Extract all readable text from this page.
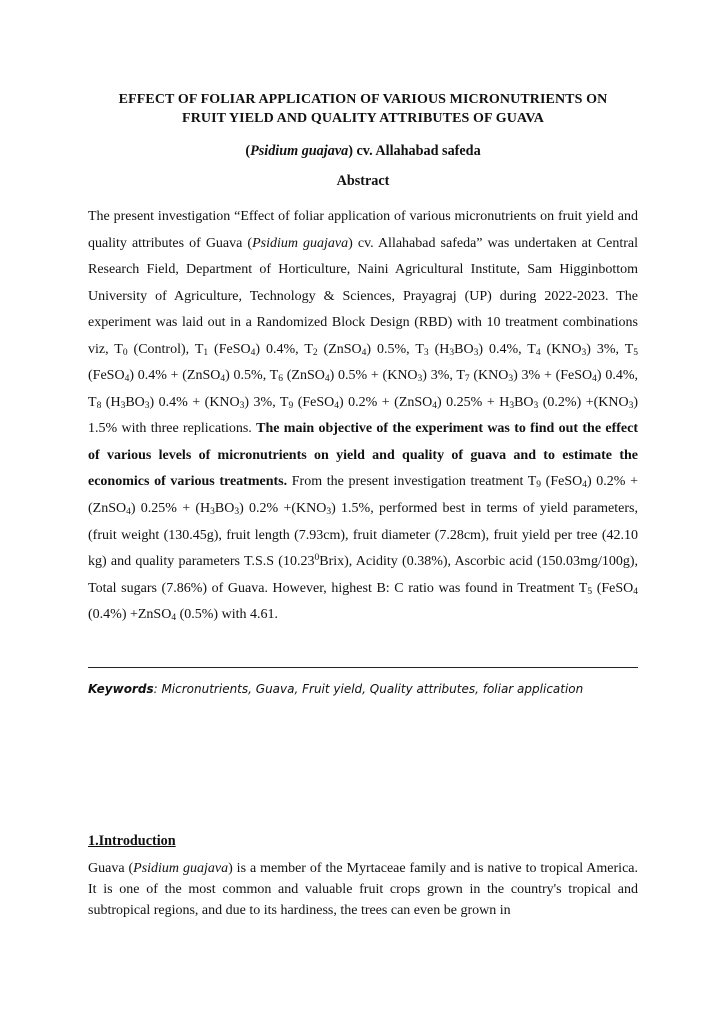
EFFECT OF FOLIAR APPLICATION OF VARIOUS MICRONUTRIENTS ON
FRUIT YIELD AND QUALITY ATTRIBUTES OF GUAVA
(Psidium guajava) cv. Allahabad safeda
Abstract
The present investigation “Effect of foliar application of various micronutrients on fruit yield and quality attributes of Guava (Psidium guajava) cv. Allahabad safeda” was undertaken at Central Research Field, Department of Horticulture, Naini Agricultural Institute, Sam Higginbottom University of Agriculture, Technology & Sciences, Prayagraj (UP) during 2022-2023. The experiment was laid out in a Randomized Block Design (RBD) with 10 treatment combinations viz, $T_0$ (Control), $T_1$ (FeSO$_4$) 0.4%, $T_2$ (ZnSO$_4$) 0.5%, $T_3$ $(H_3BO_3)$ 0.4%, $T_4$ $(KNO_3)$ 3%, $T_5$ (FeSO$_4$) 0.4% + (ZnSO$_4$) 0.5%, $T_6$ (ZnSO$_4$) $0.5\% + (KNO_3)$ 3%, $T_7$ $(KNO_3) 3\%$ + (FeSO$_4$) 0.4%, $T_8$ $(H_3BO_3) 0.4\% + (KNO_3)$ 3%, $T_9$ (FeSO$_4$) 0.2% + (ZnSO$_4$) $0.25\% + H_3BO_3$ $(0.2\%) +(KNO_3)$ 1.5% with three replications. The main objective of the experiment was to find out the effect of various levels of micronutrients on yield and quality of guava and to estimate the economics of various treatments. From the present investigation treatment $T_9$ (FeSO$_4$) 0.2% + (ZnSO$_4$) $0.25\% + (H_3BO_3)$ $0.2\% +(KNO_3)$ 1.5%, performed best in terms of yield parameters, (fruit weight (130.45g), fruit length (7.93cm), fruit diameter (7.28cm), fruit yield per tree (42.10 kg) and quality parameters T.S.S (10.23$^0$Brix), Acidity (0.38%), Ascorbic acid (150.03mg/100g), Total sugars (7.86%) of Guava. However, highest B: C ratio was found in Treatment $T_5$ (FeSO$_4$ (0.4%) +ZnSO$_4$ (0.5%) with 4.61.
Keywords: Micronutrients, Guava, Fruit yield, Quality attributes, foliar application
1.Introduction
Guava (Psidium guajava) is a member of the Myrtaceae family and is native to tropical America. It is one of the most common and valuable fruit crops grown in the country's tropical and subtropical regions, and due to its hardiness, the trees can even be grown in
